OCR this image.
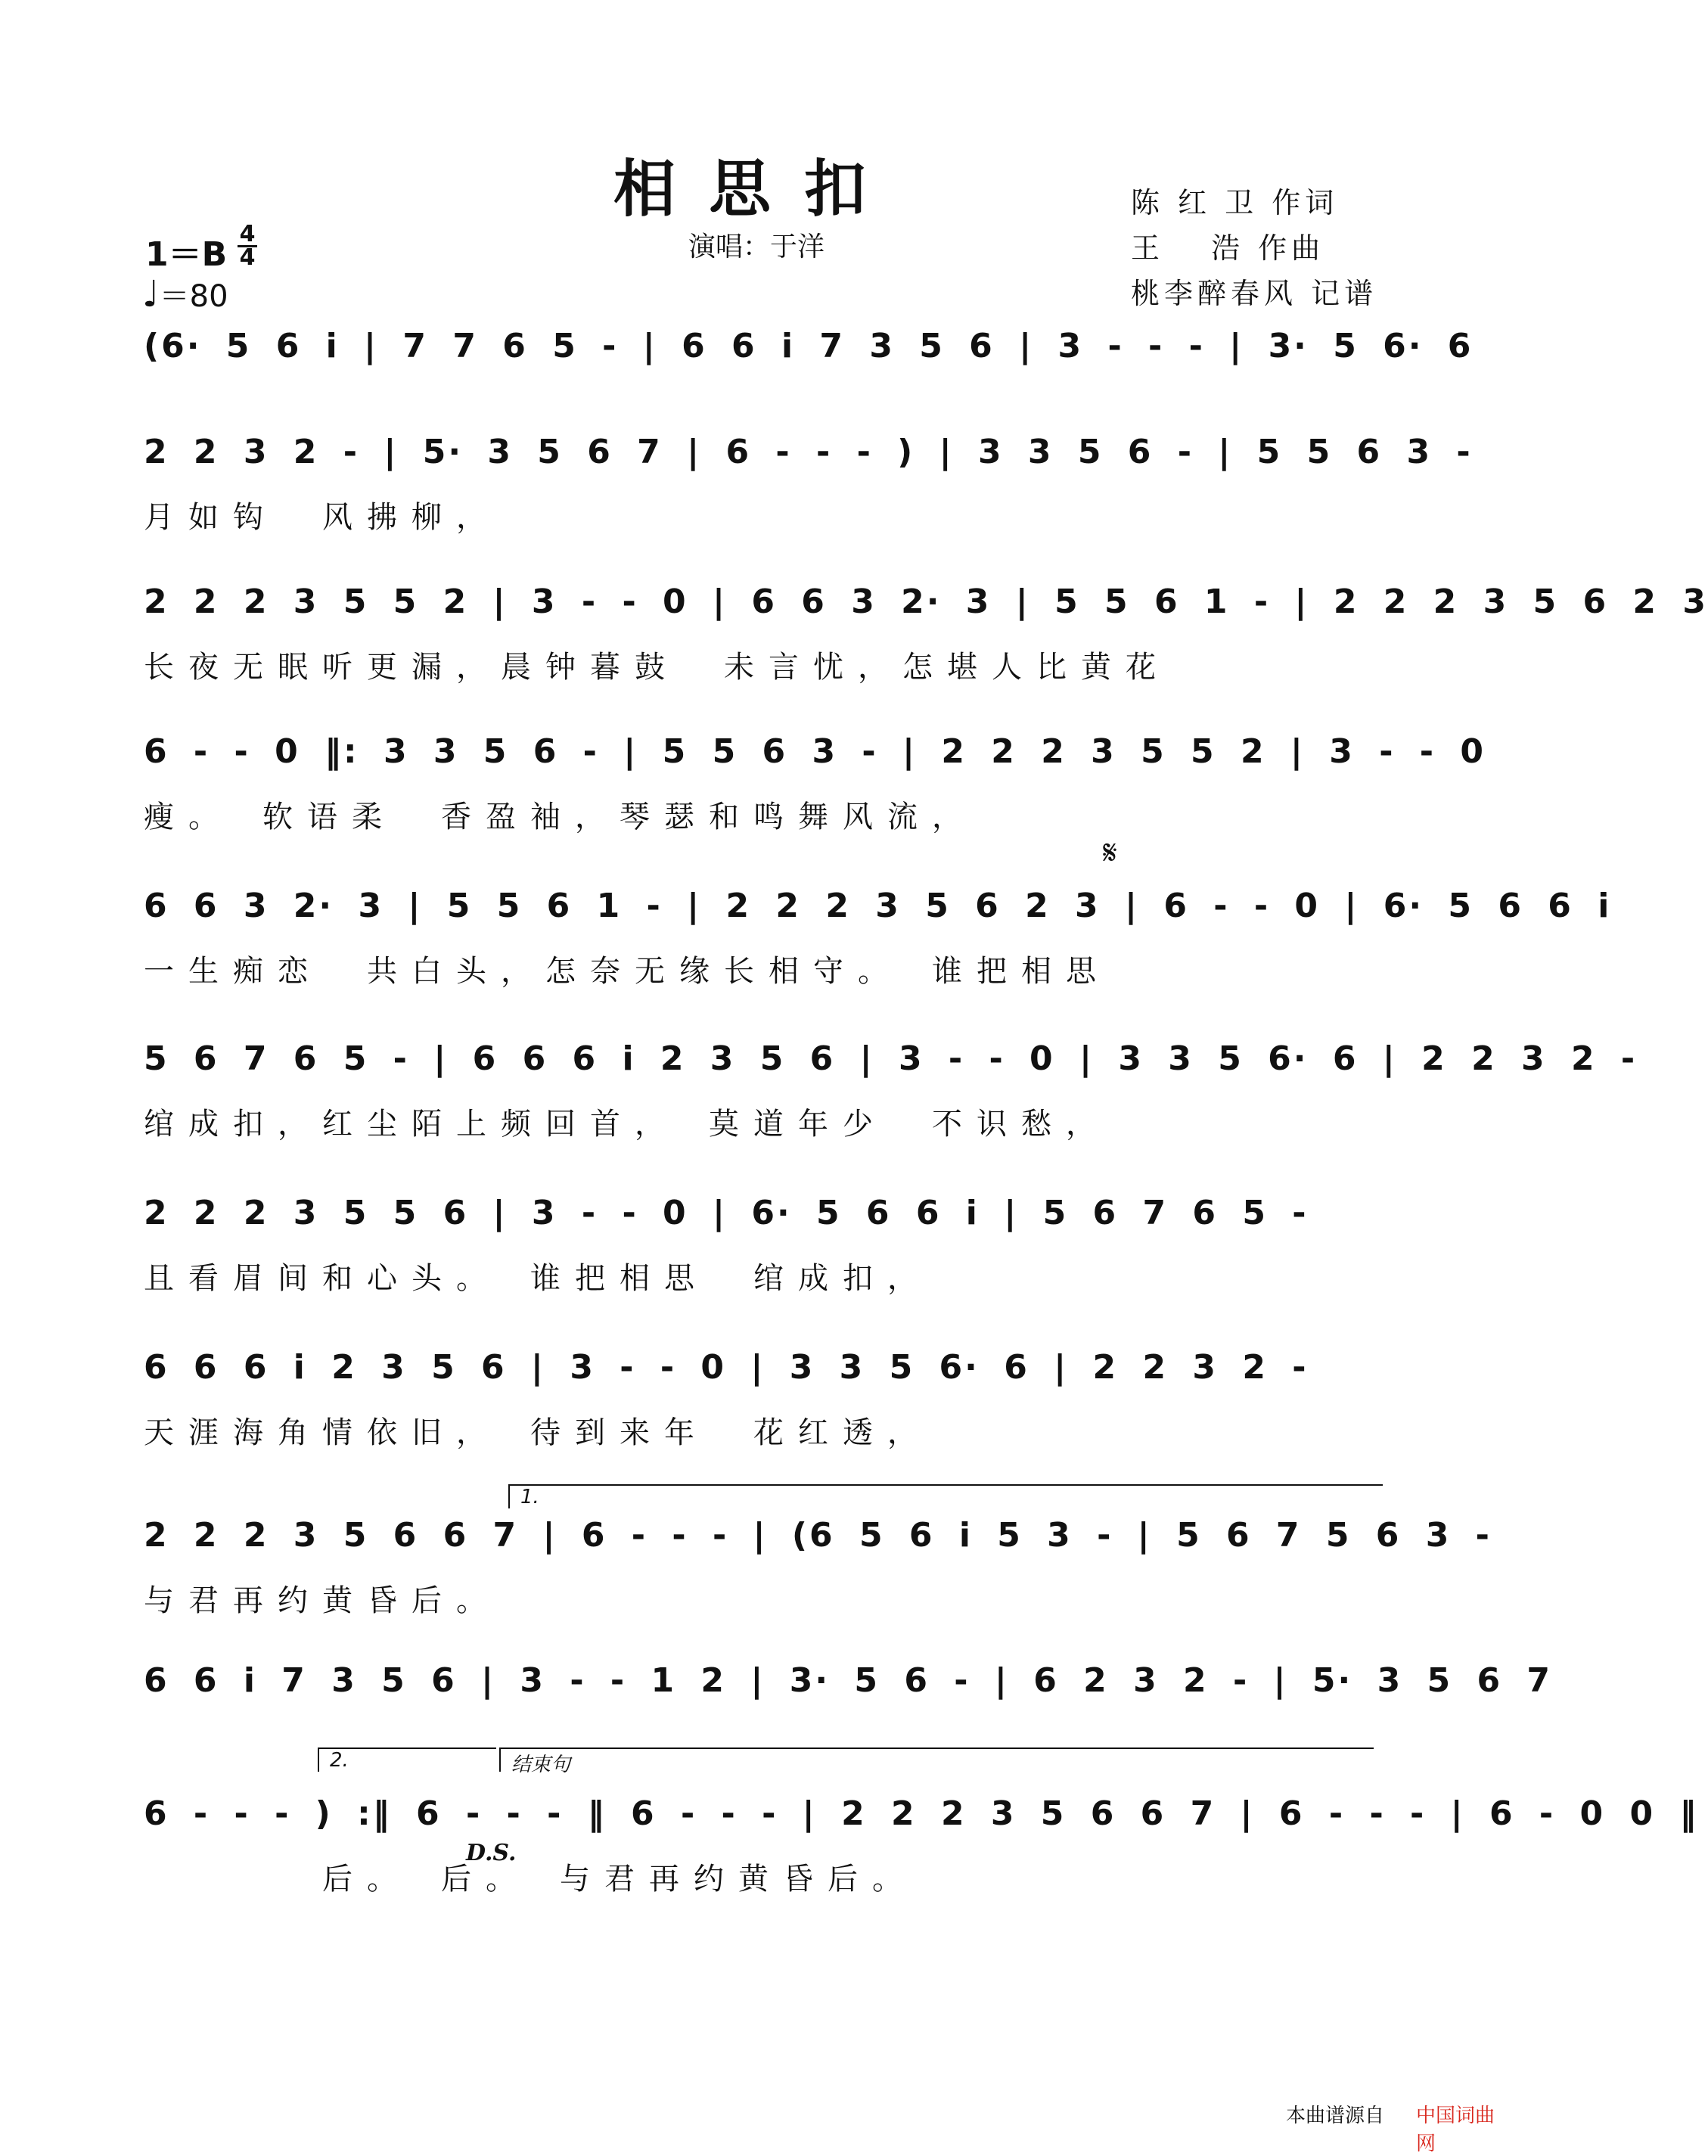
相思扣
演唱：于洋
陈 红 卫 作词
王　 浩 作曲
桃李醉春风 记谱
1＝B
4
4
♩＝80
(6· 5 6 i | 7 7 6 5 - | 6 6 i 7 3 5 6 | 3 - - - | 3· 5 6· 6
2 2 3 2 - | 5· 3 5 6 7 | 6 - - - ) | 3 3 5 6 - | 5 5 6 3 -
月如钩　风拂柳，
2 2 2 3 5 5 2 | 3 - - 0 | 6 6 3 2· 3 | 5 5 6 1 - | 2 2 2 3 5 6 2 3
长夜无眠听更漏，晨钟暮鼓　未言忧，怎堪人比黄花
6 - - 0 ‖: 3 3 5 6 - | 5 5 6 3 - | 2 2 2 3 5 5 2 | 3 - - 0
瘦。　软语柔　香盈袖，琴瑟和鸣舞风流，
6 6 3 2· 3 | 5 5 6 1 - | 2 2 2 3 5 6 2 3 | 6 - - 0 | 6· 5 6 6 i
一生痴恋　共白头，怎奈无缘长相守。　谁把相思
5 6 7 6 5 - | 6 6 6 i 2 3 5 6 | 3 - - 0 | 3 3 5 6· 6 | 2 2 3 2 -
绾成扣，红尘陌上频回首，　莫道年少　不识愁，
2 2 2 3 5 5 6 | 3 - - 0 | 6· 5 6 6 i | 5 6 7 6 5 -
且看眉间和心头。　谁把相思　绾成扣，
6 6 6 i 2 3 5 6 | 3 - - 0 | 3 3 5 6· 6 | 2 2 3 2 -
天涯海角情依旧，　待到来年　花红透，
2 2 2 3 5 6 6 7 | 6 - - - | (6 5 6 i 5 3 - | 5 6 7 5 6 3 -
与君再约黄昏后。
6 6 i 7 3 5 6 | 3 - - 1 2 | 3· 5 6 - | 6 2 3 2 - | 5· 3 5 6 7
6 - - - ) :‖ 6 - - - ‖ 6 - - - | 2 2 2 3 5 6 6 7 | 6 - - - | 6 - 0 0 ‖
　　　　后。　后。　与君再约黄昏后。
1.
2.	结束句
𝄋
D.S.
本曲谱源自 中国词曲网
